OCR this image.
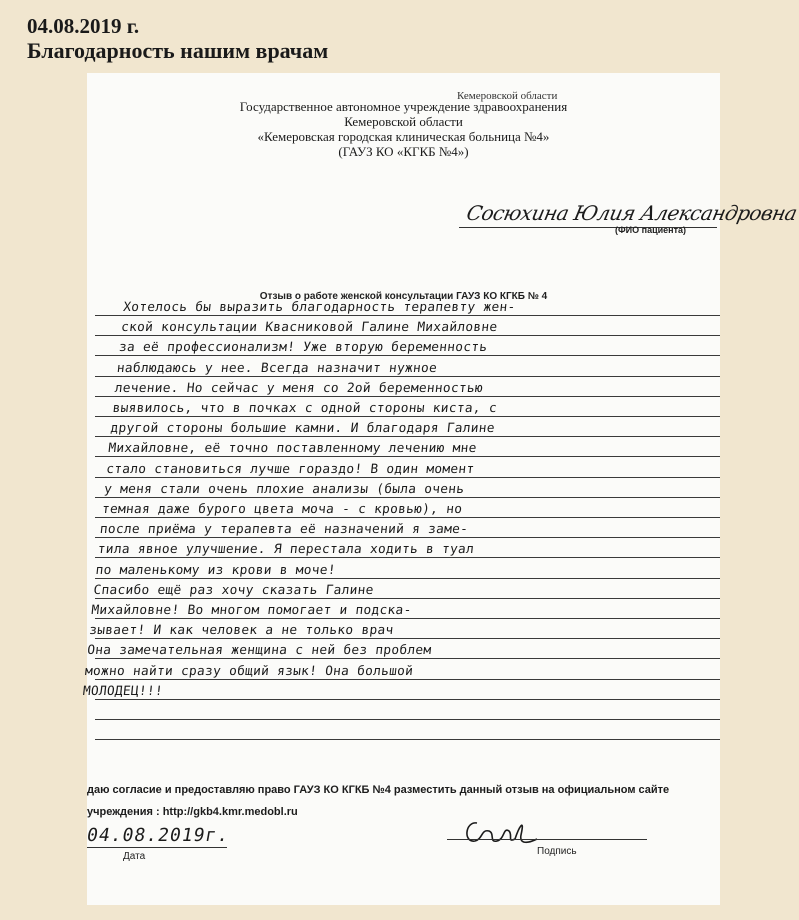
04.08.2019 г.
Благодарность нашим врачам
Кемеровской области
Государственное автономное учреждение здравоохранения
Кемеровской области
«Кемеровская городская клиническая больница №4»
(ГАУЗ КО «КГКБ №4»)
Сосюхина Юлия Александровна
(ФИО пациента)
Отзыв о работе женской консультации ГАУЗ КО КГКБ № 4
Хотелось бы выразить благодарность терапевту жен-
ской консультации Квасниковой Галине Михайловне
за её профессионализм! Уже вторую беременность
наблюдаюсь у нее. Всегда назначит нужное
лечение. Но сейчас у меня со 2ой беременностью
выявилось, что в почках с одной стороны киста, с
другой стороны большие камни. И благодаря Галине
Михайловне, её точно поставленному лечению мне
стало становиться лучше гораздо! В один момент
у меня стали очень плохие анализы (была очень
темная даже бурого цвета моча - с кровью), но
после приёма у терапевта её назначений я заме-
тила явное улучшение. Я перестала ходить в туал
по маленькому из крови в моче!
Спасибо ещё раз хочу сказать Галине
Михайловне! Во многом помогает и подска-
зывает! И как человек а не только врач
Она замечательная женщина с ней без проблем
можно найти сразу общий язык! Она большой
МОЛОДЕЦ!!!
даю согласие и предоставляю право ГАУЗ КО КГКБ №4 разместить данный отзыв на официальном сайте
учреждения : http://gkb4.kmr.medobl.ru
04.08.2019г.
Дата	Подпись
